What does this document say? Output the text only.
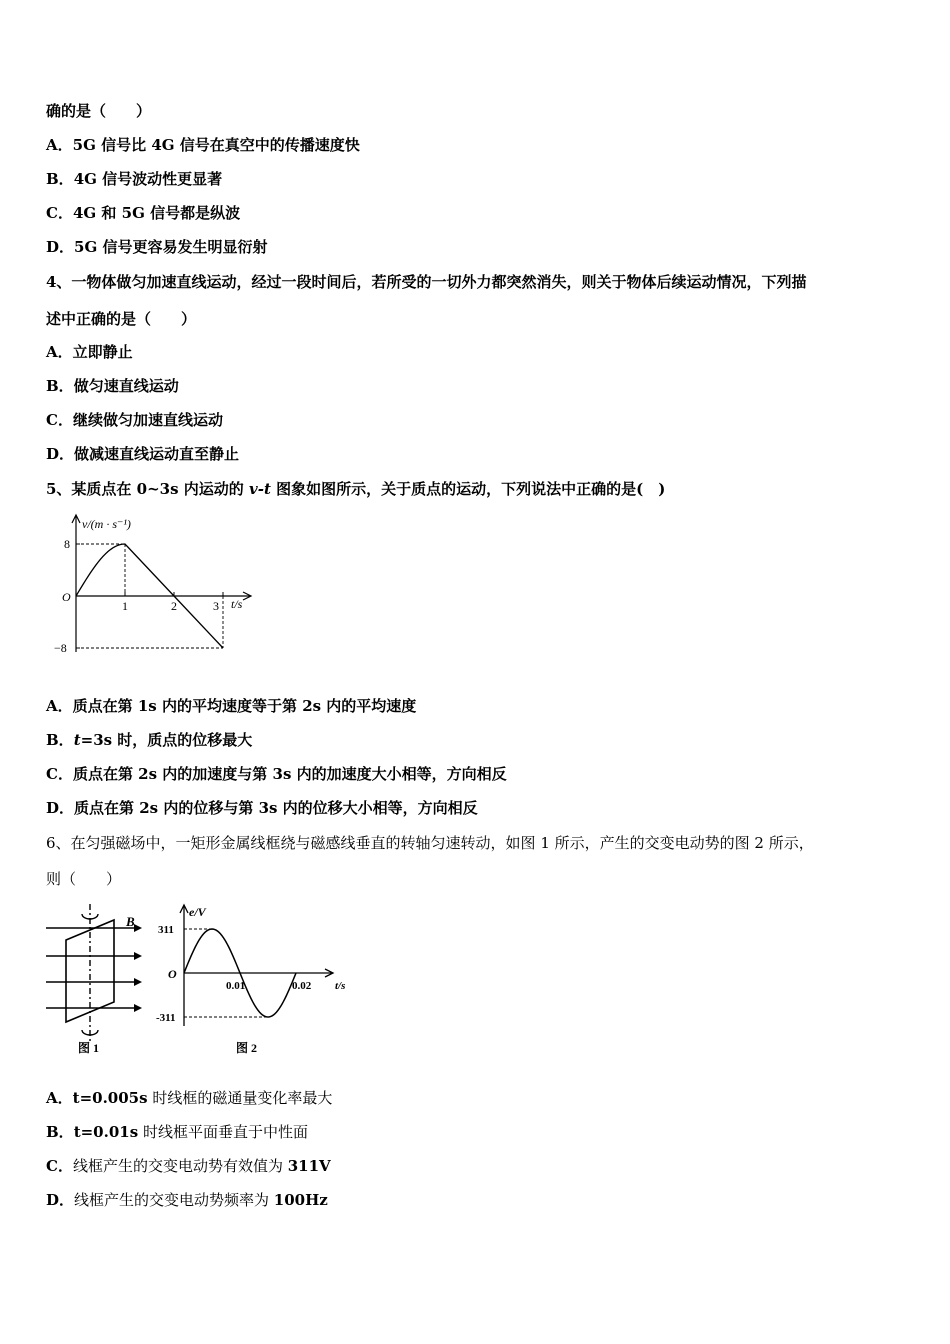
确的是（　　）
A．5G 信号比 4G 信号在真空中的传播速度快
B．4G 信号波动性更显著
C．4G 和 5G 信号都是纵波
D．5G 信号更容易发生明显衍射
4、一物体做匀加速直线运动，经过一段时间后，若所受的一切外力都突然消失，则关于物体后续运动情况，下列描
述中正确的是（　　）
A．立即静止
B．做匀速直线运动
C．继续做匀加速直线运动
D．做减速直线运动直至静止
5、某质点在 0~3s 内运动的 v-t 图象如图所示，关于质点的运动，下列说法中正确的是(　)
v/(m · s⁻¹)
t/s
O
8
−8
1	2	3
A．质点在第 1s 内的平均速度等于第 2s 内的平均速度
B．t=3s 时，质点的位移最大
C．质点在第 2s 内的加速度与第 3s 内的加速度大小相等，方向相反
D．质点在第 2s 内的位移与第 3s 内的位移大小相等，方向相反
6、在匀强磁场中，一矩形金属线框绕与磁感线垂直的转轴匀速转动，如图 1 所示，产生的交变电动势的图 2 所示，
则（　　）
B
图 1
e/V
t/s
O
311
-311
0.01	0.02
图 2
A．t=0.005s 时线框的磁通量变化率最大
B．t=0.01s 时线框平面垂直于中性面
C．线框产生的交变电动势有效值为 311V
D．线框产生的交变电动势频率为 100Hz
